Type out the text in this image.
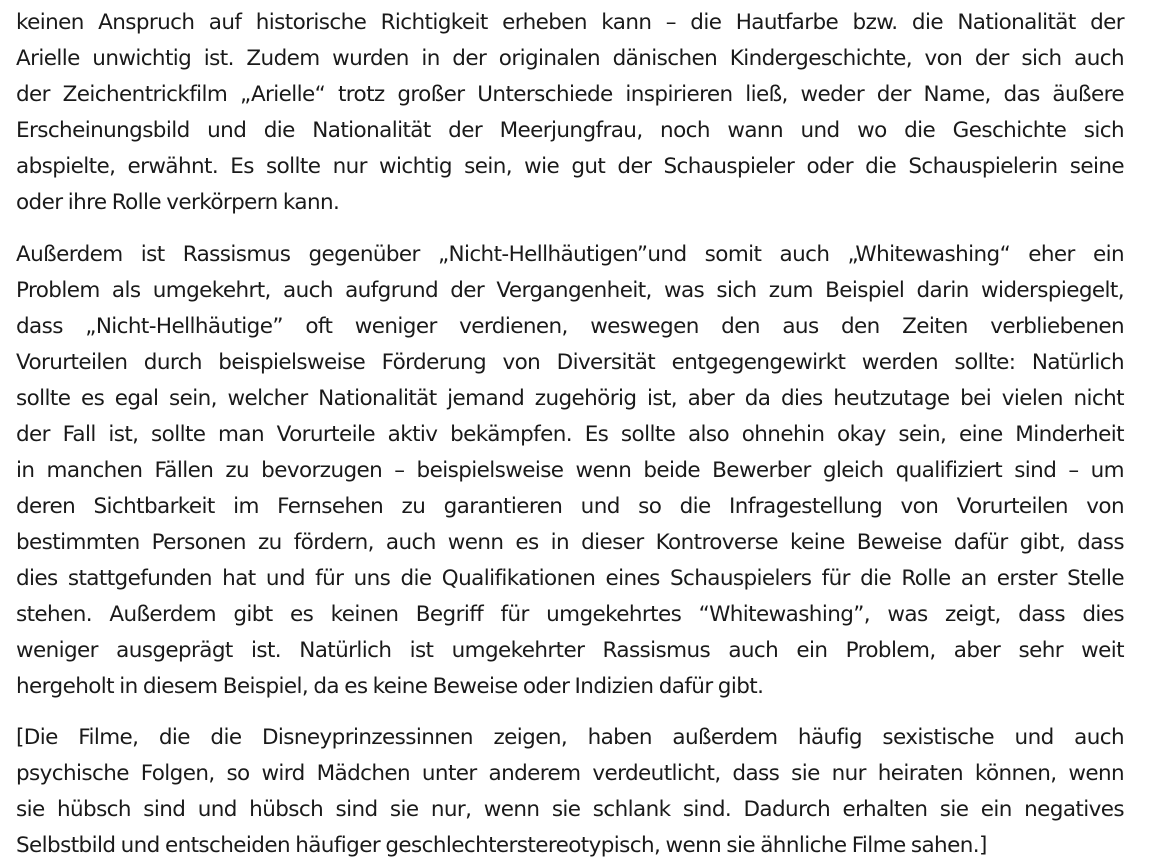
keinen Anspruch auf historische Richtigkeit erheben kann – die Hautfarbe bzw. die Nationalität der
Arielle unwichtig ist. Zudem wurden in der originalen dänischen Kindergeschichte, von der sich auch
der Zeichentrickfilm „Arielle“ trotz großer Unterschiede inspirieren ließ, weder der Name, das äußere
Erscheinungsbild und die Nationalität der Meerjungfrau, noch wann und wo die Geschichte sich
abspielte, erwähnt. Es sollte nur wichtig sein, wie gut der Schauspieler oder die Schauspielerin seine
oder ihre Rolle verkörpern kann.
Außerdem ist Rassismus gegenüber „Nicht-Hellhäutigen”und somit auch „Whitewashing“ eher ein
Problem als umgekehrt, auch aufgrund der Vergangenheit, was sich zum Beispiel darin widerspiegelt,
dass „Nicht-Hellhäutige” oft weniger verdienen, weswegen den aus den Zeiten verbliebenen
Vorurteilen durch beispielsweise Förderung von Diversität entgegengewirkt werden sollte: Natürlich
sollte es egal sein, welcher Nationalität jemand zugehörig ist, aber da dies heutzutage bei vielen nicht
der Fall ist, sollte man Vorurteile aktiv bekämpfen. Es sollte also ohnehin okay sein, eine Minderheit
in manchen Fällen zu bevorzugen – beispielsweise wenn beide Bewerber gleich qualifiziert sind – um
deren Sichtbarkeit im Fernsehen zu garantieren und so die Infragestellung von Vorurteilen von
bestimmten Personen zu fördern, auch wenn es in dieser Kontroverse keine Beweise dafür gibt, dass
dies stattgefunden hat und für uns die Qualifikationen eines Schauspielers für die Rolle an erster Stelle
stehen. Außerdem gibt es keinen Begriff für umgekehrtes “Whitewashing”, was zeigt, dass dies
weniger ausgeprägt ist. Natürlich ist umgekehrter Rassismus auch ein Problem, aber sehr weit
hergeholt in diesem Beispiel, da es keine Beweise oder Indizien dafür gibt.
[Die Filme, die die Disneyprinzessinnen zeigen, haben außerdem häufig sexistische und auch
psychische Folgen, so wird Mädchen unter anderem verdeutlicht, dass sie nur heiraten können, wenn
sie hübsch sind und hübsch sind sie nur, wenn sie schlank sind. Dadurch erhalten sie ein negatives
Selbstbild und entscheiden häufiger geschlechterstereotypisch, wenn sie ähnliche Filme sahen.]
